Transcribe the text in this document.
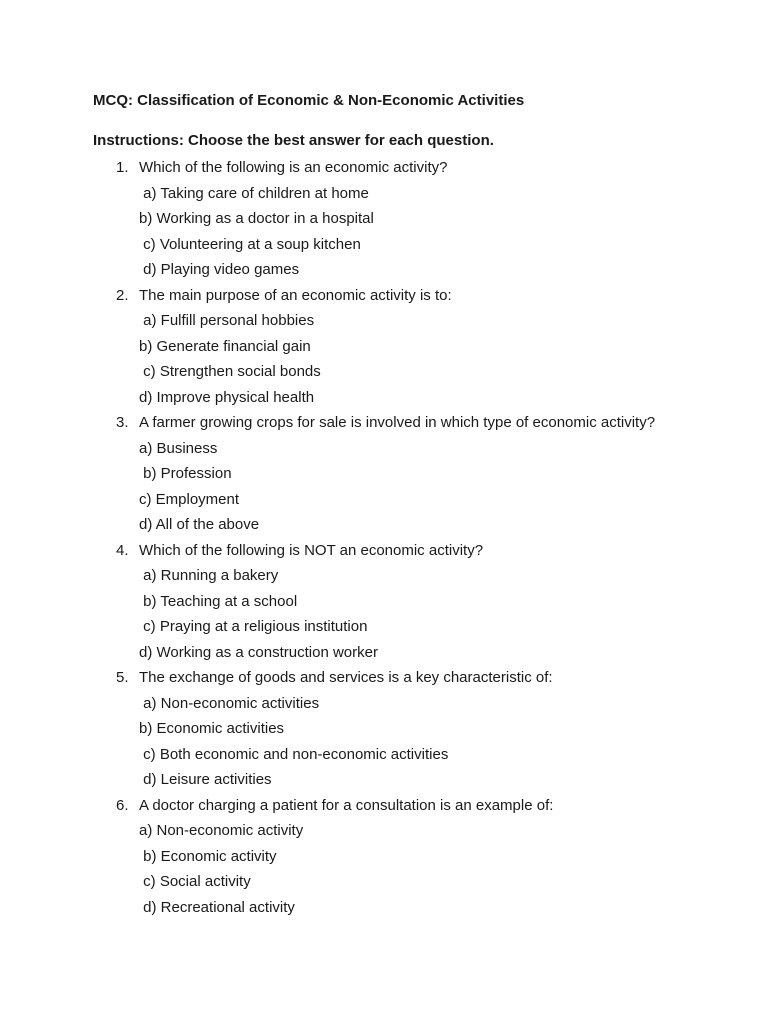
MCQ: Classification of Economic & Non-Economic Activities
Instructions: Choose the best answer for each question.
1. Which of the following is an economic activity?
a) Taking care of children at home
b) Working as a doctor in a hospital
c) Volunteering at a soup kitchen
d) Playing video games
2. The main purpose of an economic activity is to:
a) Fulfill personal hobbies
b) Generate financial gain
c) Strengthen social bonds
d) Improve physical health
3. A farmer growing crops for sale is involved in which type of economic activity?
a) Business
b) Profession
c) Employment
d) All of the above
4. Which of the following is NOT an economic activity?
a) Running a bakery
b) Teaching at a school
c) Praying at a religious institution
d) Working as a construction worker
5. The exchange of goods and services is a key characteristic of:
a) Non-economic activities
b) Economic activities
c) Both economic and non-economic activities
d) Leisure activities
6. A doctor charging a patient for a consultation is an example of:
a) Non-economic activity
b) Economic activity
c) Social activity
d) Recreational activity
